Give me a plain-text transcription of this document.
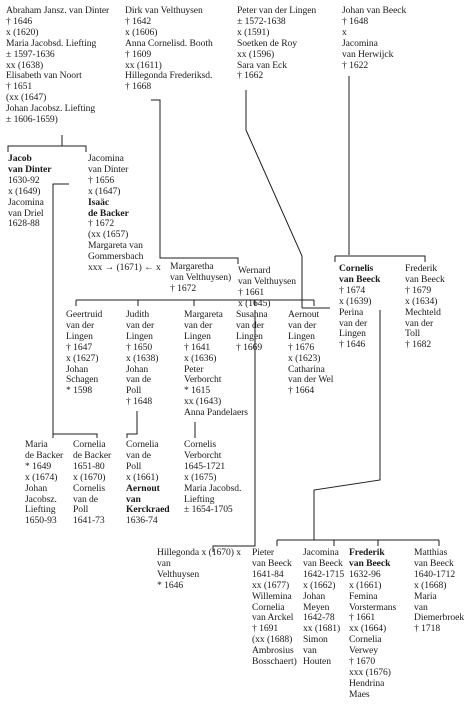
Abraham Jansz. van Dinter
† 1646
x (1620)
Maria Jacobsd. Liefting
± 1597-1636
xx (1638)
Elisabeth van Noort
† 1651
(xx (1647)
Johan Jacobsz. Liefting
± 1606-1659)
Dirk van Velthuysen
† 1642
x (1606)
Anna Cornelisd. Booth
† 1609
xx (1611)
Hillegonda Frederiksd.
† 1668
Peter van der Lingen
± 1572-1638
x (1591)
Soetken de Roy
xx (1596)
Sara van Eck
† 1662
Johan van Beeck
† 1648
x
Jacomina
van Herwijck
† 1622
Jacob
van Dinter
1630-92
x (1649)
Jacomina
van Driel
1628-88
Jacomina
van Dinter
† 1656
x (1647)
Isaäc
de Backer
† 1672
(xx (1657)
Margareta van
Gommersbach
xxx → (1671) ← x Margaretha
van Velthuysen)
† 1672
Wernard
van Velthuysen
† 1661
x (1645)
Cornelis
van Beeck
† 1674
x (1639)
Perina
van der
Lingen
† 1646
Frederik
van Beeck
† 1679
x (1634)
Mechteld
van der
Toll
† 1682
Geertruid
van der
Lingen
† 1647
x (1627)
Johan
Schagen
* 1598
Judith
van der
Lingen
† 1650
x (1638)
Johan
van de
Poll
† 1648
Margareta
van der
Lingen
† 1641
x (1636)
Peter
Verborcht
* 1615
xx (1643)
Anna Pandelaers
Susanna
van der
Lingen
† 1669
Aernout
van der
Lingen
† 1676
x (1623)
Catharina
van der Wel
† 1664
Maria
de Backer
* 1649
x (1674)
Johan
Jacobsz.
Liefting
1650-93
Cornelia
de Backer
1651-80
x (1670)
Cornelis
van de
Poll
1641-73
Cornelia
van de
Poll
x (1661)
Aernout
van
Kerckraed
1636-74
Cornelis
Verborcht
1645-1721
x (1675)
Maria Jacobsd.
Liefting
± 1654-1705
Hillegonda x (1670) x
van
Velthuysen
* 1646
Pieter
van Beeck
1641-84
xx (1677)
Willemina
Cornelia
van Arckel
† 1691
(xx (1688)
Ambrosius
Bosschaert)
Jacomina
van Beeck
1642-1715
x (1662)
Johan
Meyen
1642-78
xx (1681)
Simon
van
Houten
Frederik
van Beeck
1632-96
x (1661)
Femina
Vorstermans
† 1661
xx (1664)
Cornelia
Verwey
† 1670
xxx (1676)
Hendrina
Maes
Matthias
van Beeck
1640-1712
x (1668)
Maria
van
Diemerbroek
† 1718
